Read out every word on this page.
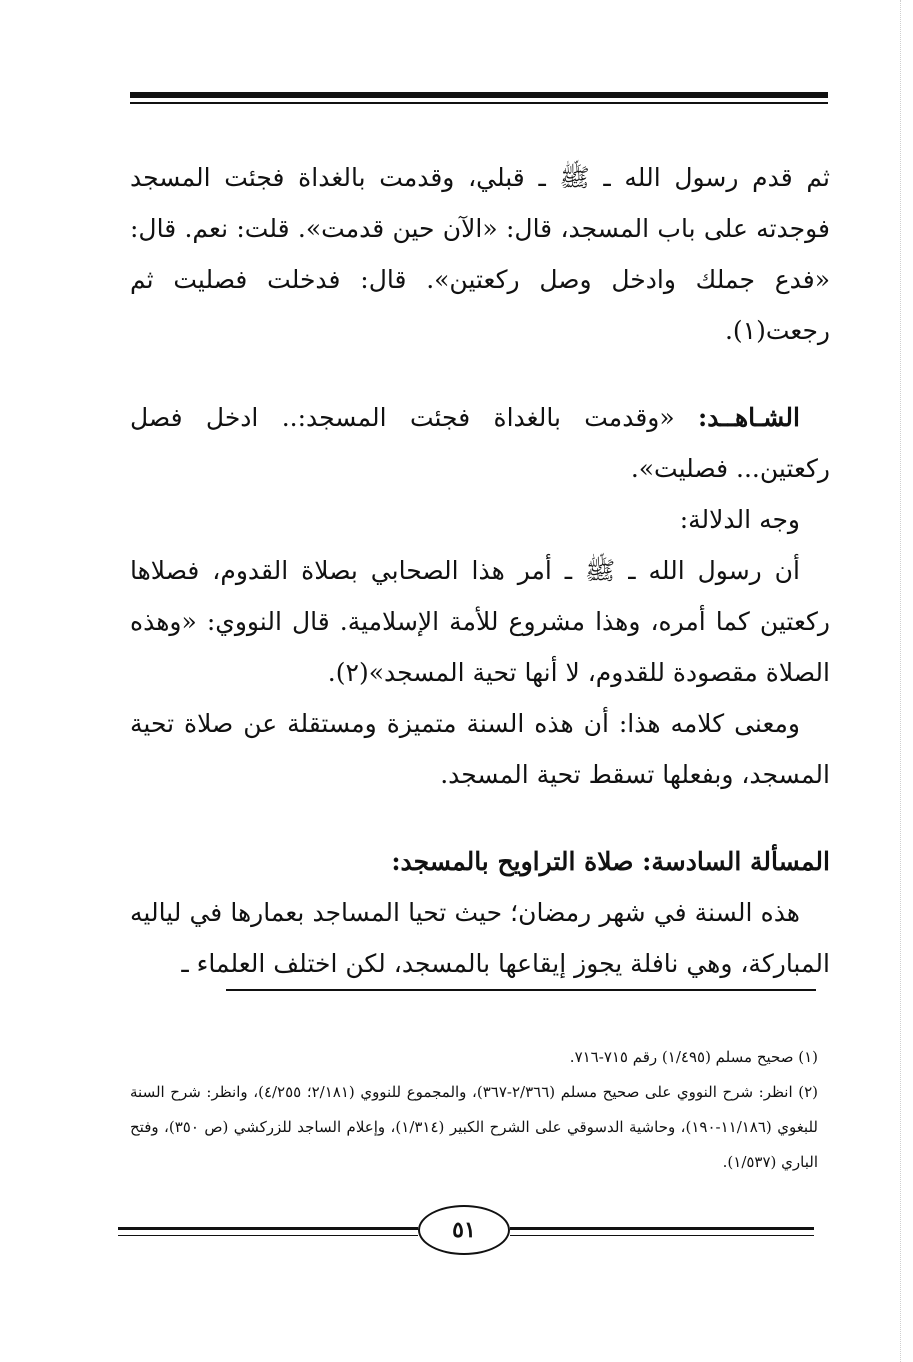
ثم قدم رسول الله ـ ﷺ ـ قبلي، وقدمت بالغداة فجئت المسجد فوجدته على باب المسجد، قال: «الآن حين قدمت». قلت: نعم. قال: «فدع جملك وادخل وصل ركعتين». قال: فدخلت فصليت ثم رجعت(١).

الشـاهــد: «وقدمت بالغداة فجئت المسجد:.. ادخل فصل ركعتين... فصليت».

وجه الدلالة:

أن رسول الله ـ ﷺ ـ أمر هذا الصحابي بصلاة القدوم، فصلاها ركعتين كما أمره، وهذا مشروع للأمة الإسلامية. قال النووي: «وهذه الصلاة مقصودة للقدوم، لا أنها تحية المسجد»(٢).

ومعنى كلامه هذا: أن هذه السنة متميزة ومستقلة عن صلاة تحية المسجد، وبفعلها تسقط تحية المسجد.

المسألة السادسة: صلاة التراويح بالمسجد:

هذه السنة في شهر رمضان؛ حيث تحيا المساجد بعمارها في لياليه المباركة، وهي نافلة يجوز إيقاعها بالمسجد، لكن اختلف العلماء ـ

(١) صحيح مسلم (١/٤٩٥) رقم ٧١٥-٧١٦.

(٢) انظر: شرح النووي على صحيح مسلم (٢/٣٦٦-٣٦٧)، والمجموع للنووي (٢/١٨١؛ ٤/٢٥٥)، وانظر: شرح السنة للبغوي (١١/١٨٦-١٩٠)، وحاشية الدسوقي على الشرح الكبير (١/٣١٤)، وإعلام الساجد للزركشي (ص ٣٥٠)، وفتح الباري (١/٥٣٧).

٥١
